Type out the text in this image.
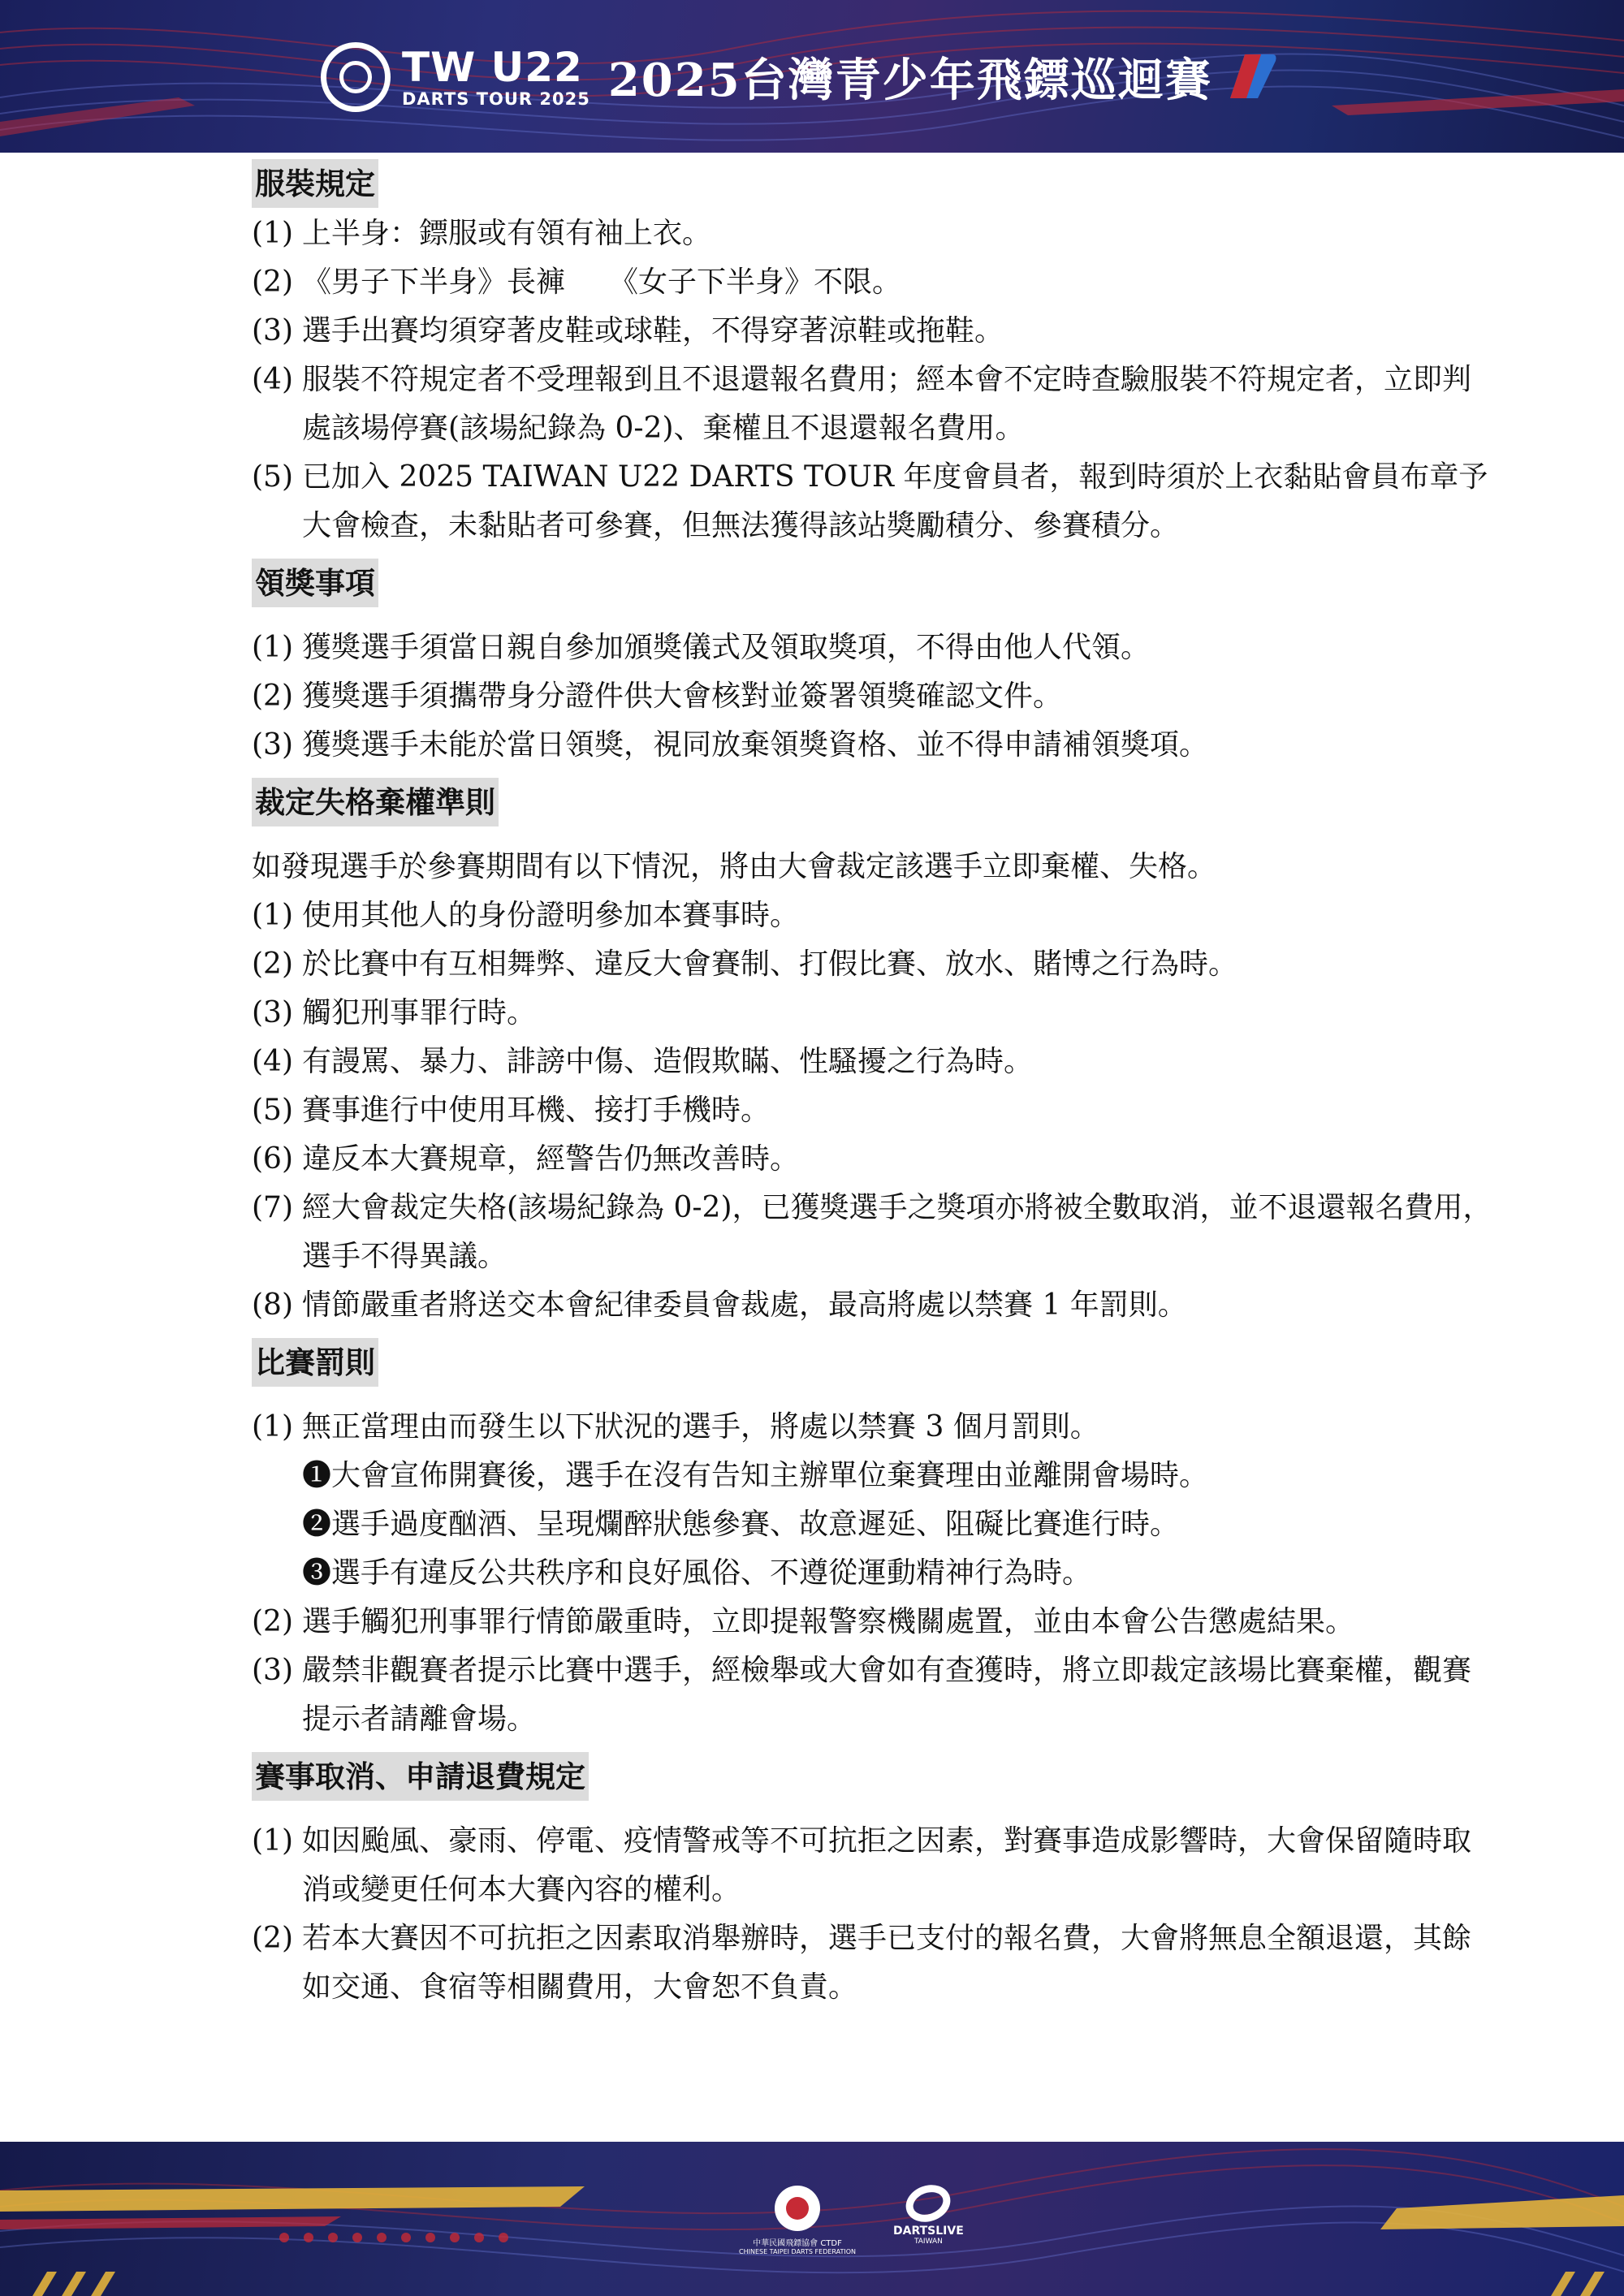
TW U22
DARTS TOUR 2025 2025台灣青少年飛鏢巡迴賽
服裝規定
(1) 上半身：鏢服或有領有袖上衣。
(2) 《男子下半身》長褲　　《女子下半身》不限。
(3) 選手出賽均須穿著皮鞋或球鞋，不得穿著涼鞋或拖鞋。
(4) 服裝不符規定者不受理報到且不退還報名費用；經本會不定時查驗服裝不符規定者，立即判處該場停賽(該場紀錄為 0-2)、棄權且不退還報名費用。
(5) 已加入 2025 TAIWAN U22 DARTS TOUR 年度會員者，報到時須於上衣黏貼會員布章予大會檢查，未黏貼者可參賽，但無法獲得該站獎勵積分、參賽積分。
領獎事項
(1) 獲獎選手須當日親自參加頒獎儀式及領取獎項，不得由他人代領。
(2) 獲獎選手須攜帶身分證件供大會核對並簽署領獎確認文件。
(3) 獲獎選手未能於當日領獎，視同放棄領獎資格、並不得申請補領獎項。
裁定失格棄權準則
如發現選手於參賽期間有以下情況，將由大會裁定該選手立即棄權、失格。
(1) 使用其他人的身份證明參加本賽事時。
(2) 於比賽中有互相舞弊、違反大會賽制、打假比賽、放水、賭博之行為時。
(3) 觸犯刑事罪行時。
(4) 有謾罵、暴力、誹謗中傷、造假欺瞞、性騷擾之行為時。
(5) 賽事進行中使用耳機、接打手機時。
(6) 違反本大賽規章，經警告仍無改善時。
(7) 經大會裁定失格(該場紀錄為 0-2)，已獲獎選手之獎項亦將被全數取消，並不退還報名費用，選手不得異議。
(8) 情節嚴重者將送交本會紀律委員會裁處，最高將處以禁賽 1 年罰則。
比賽罰則
(1) 無正當理由而發生以下狀況的選手，將處以禁賽 3 個月罰則。
❶大會宣佈開賽後，選手在沒有告知主辦單位棄賽理由並離開會場時。
❷選手過度酗酒、呈現爛醉狀態參賽、故意遲延、阻礙比賽進行時。
❸選手有違反公共秩序和良好風俗、不遵從運動精神行為時。
(2) 選手觸犯刑事罪行情節嚴重時，立即提報警察機關處置，並由本會公告懲處結果。
(3) 嚴禁非觀賽者提示比賽中選手，經檢舉或大會如有查獲時，將立即裁定該場比賽棄權，觀賽提示者請離會場。
賽事取消、申請退費規定
(1) 如因颱風、豪雨、停電、疫情警戒等不可抗拒之因素，對賽事造成影響時，大會保留隨時取消或變更任何本大賽內容的權利。
(2) 若本大賽因不可抗拒之因素取消舉辦時，選手已支付的報名費，大會將無息全額退還，其餘如交通、食宿等相關費用，大會恕不負責。
中華民國飛鏢協會 CTDF
CHINESE TAIPEI DARTS FEDERATION
DARTSLIVE
TAIWAN
